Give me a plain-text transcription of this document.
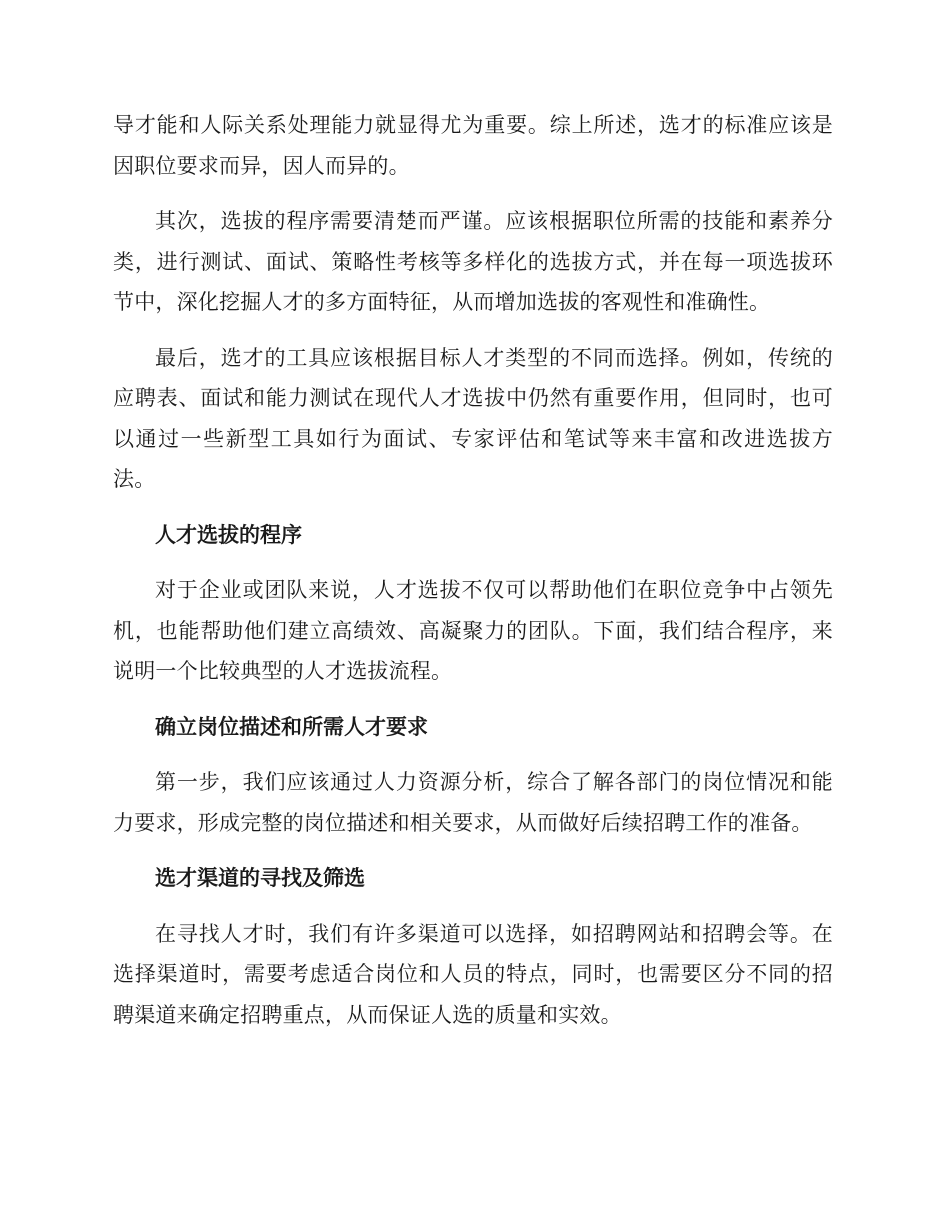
导才能和人际关系处理能力就显得尤为重要。综上所述，选才的标准应该是因职位要求而异，因人而异的。

其次，选拔的程序需要清楚而严谨。应该根据职位所需的技能和素养分类，进行测试、面试、策略性考核等多样化的选拔方式，并在每一项选拔环节中，深化挖掘人才的多方面特征，从而增加选拔的客观性和准确性。

最后，选才的工具应该根据目标人才类型的不同而选择。例如，传统的应聘表、面试和能力测试在现代人才选拔中仍然有重要作用，但同时，也可以通过一些新型工具如行为面试、专家评估和笔试等来丰富和改进选拔方法。

人才选拔的程序

对于企业或团队来说，人才选拔不仅可以帮助他们在职位竞争中占领先机，也能帮助他们建立高绩效、高凝聚力的团队。下面，我们结合程序，来说明一个比较典型的人才选拔流程。

确立岗位描述和所需人才要求

第一步，我们应该通过人力资源分析，综合了解各部门的岗位情况和能力要求，形成完整的岗位描述和相关要求，从而做好后续招聘工作的准备。

选才渠道的寻找及筛选

在寻找人才时，我们有许多渠道可以选择，如招聘网站和招聘会等。在选择渠道时，需要考虑适合岗位和人员的特点，同时，也需要区分不同的招聘渠道来确定招聘重点，从而保证人选的质量和实效。
